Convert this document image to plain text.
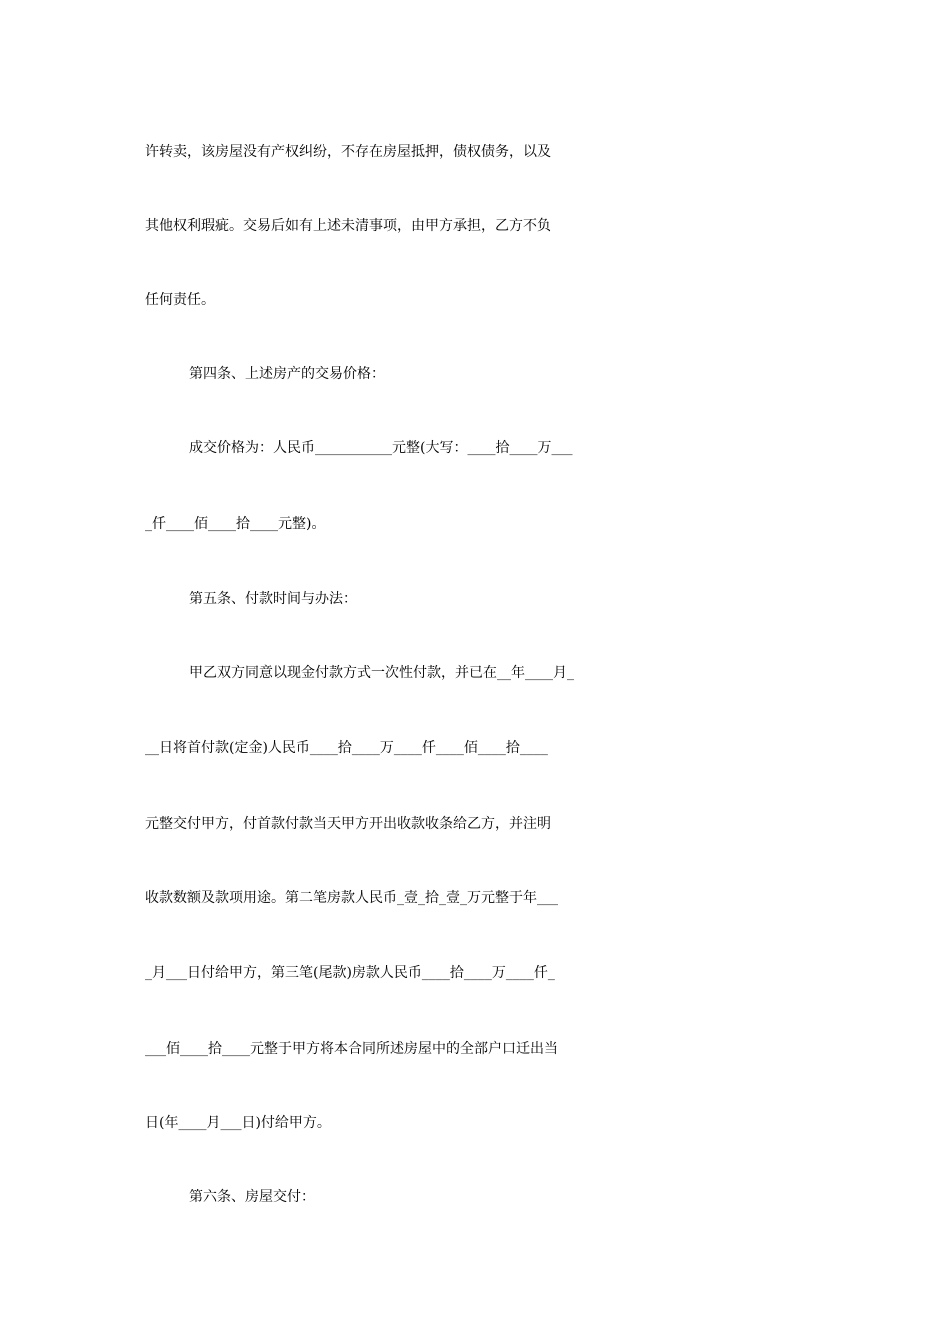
许转卖，该房屋没有产权纠纷，不存在房屋抵押，债权债务，以及
其他权利瑕疵。交易后如有上述未清事项，由甲方承担，乙方不负
任何责任。
第四条、上述房产的交易价格：
成交价格为：人民币___________元整(大写：____拾____万___
_仟____佰____拾____元整)。
第五条、付款时间与办法：
甲乙双方同意以现金付款方式一次性付款，并已在__年____月_
__日将首付款(定金)人民币____拾____万____仟____佰____拾____
元整交付甲方，付首款付款当天甲方开出收款收条给乙方，并注明
收款数额及款项用途。第二笔房款人民币_壹_拾_壹_万元整于年___
_月___日付给甲方，第三笔(尾款)房款人民币____拾____万____仟_
___佰____拾____元整于甲方将本合同所述房屋中的全部户口迁出当
日(年____月___日)付给甲方。
第六条、房屋交付：
